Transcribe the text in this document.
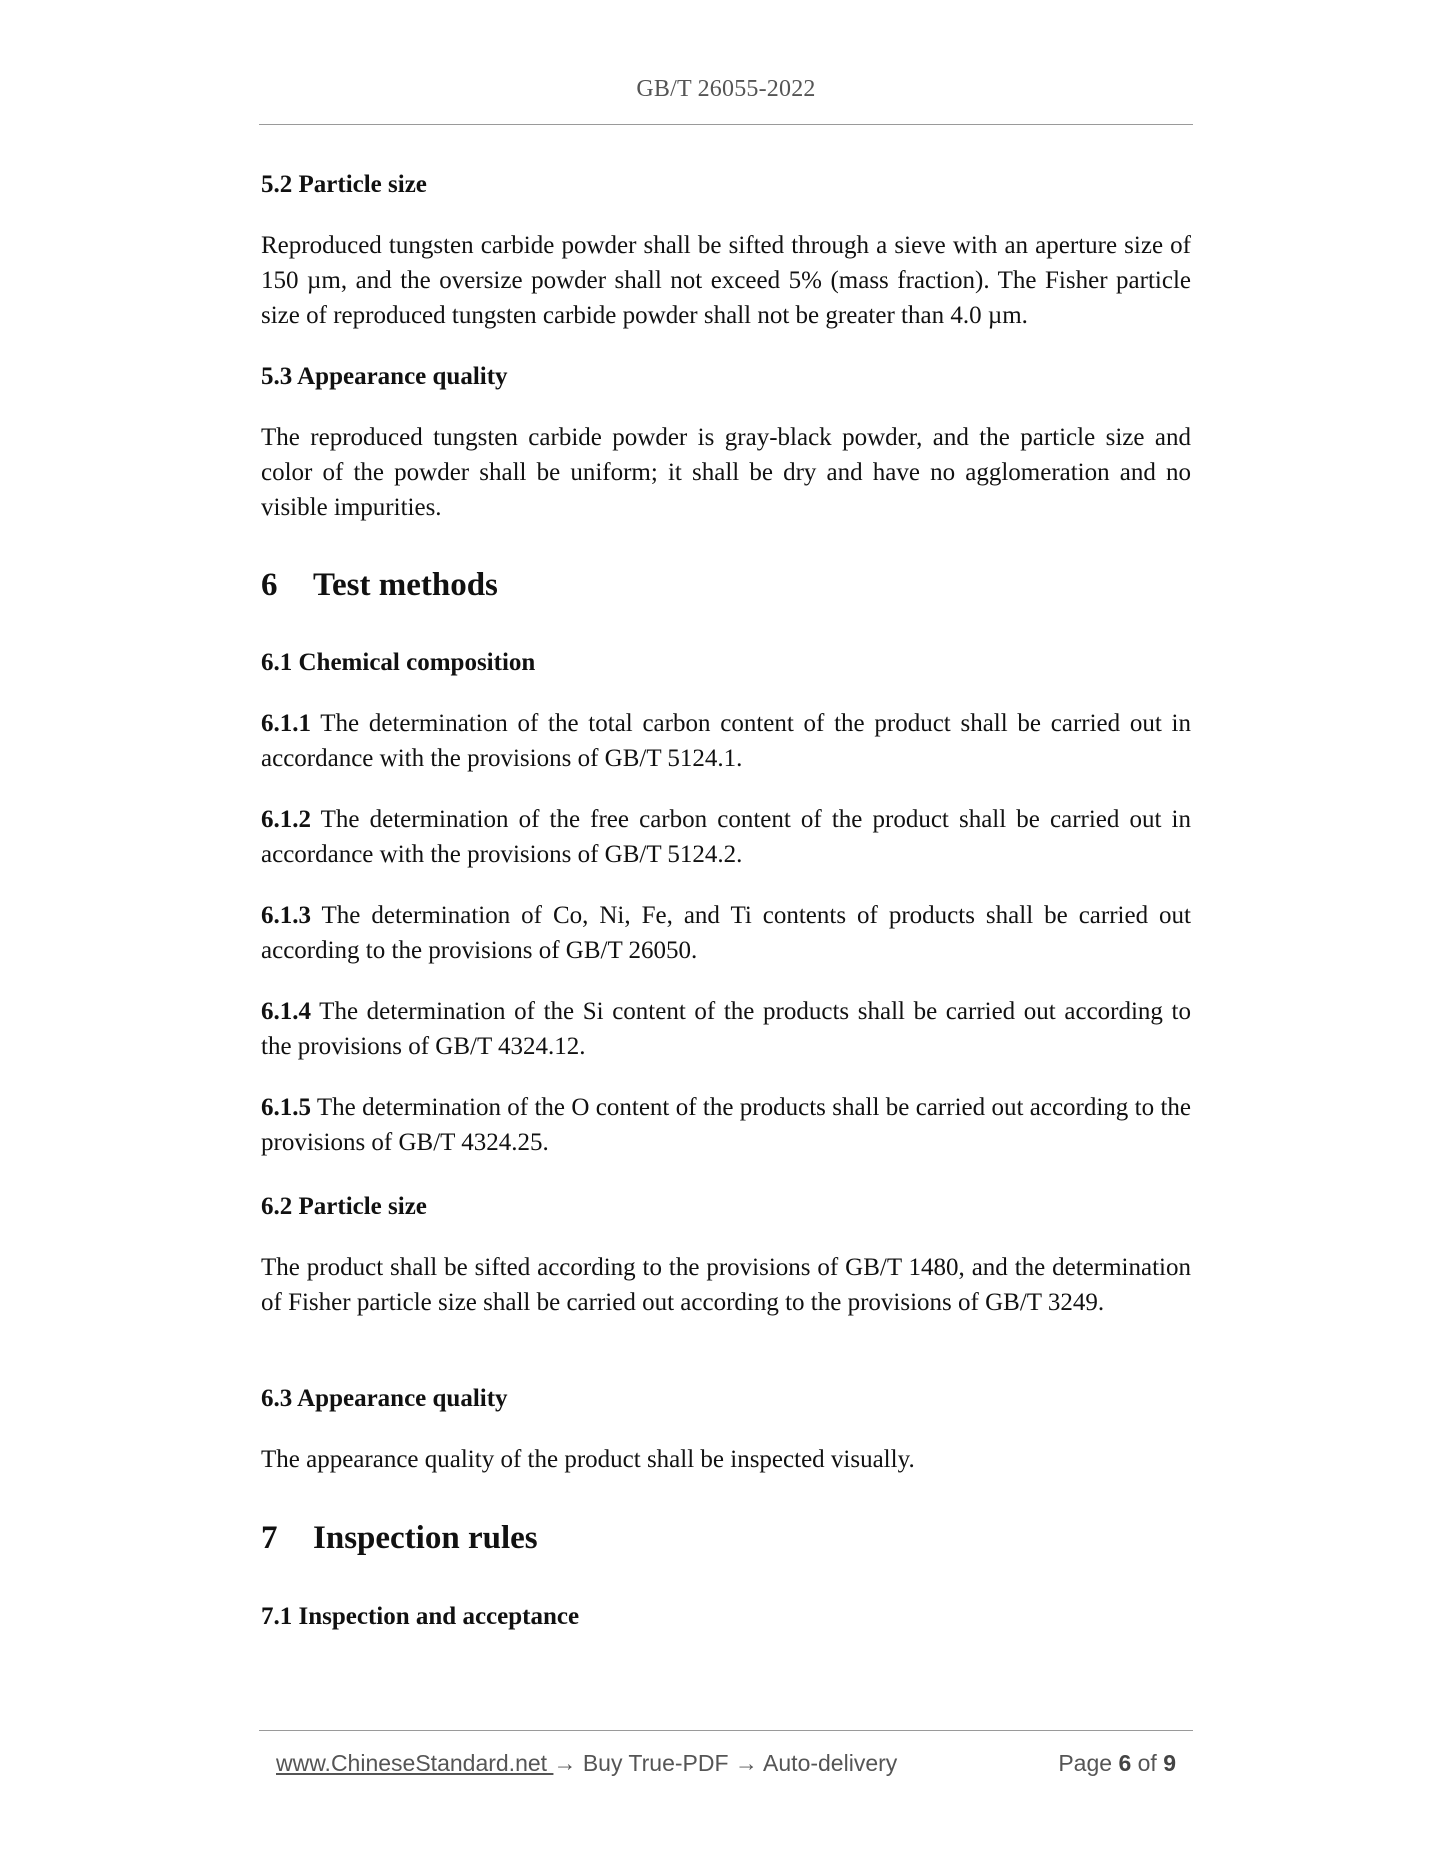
GB/T 26055-2022
5.2 Particle size
Reproduced tungsten carbide powder shall be sifted through a sieve with an aperture size of 150 µm, and the oversize powder shall not exceed 5% (mass fraction). The Fisher particle size of reproduced tungsten carbide powder shall not be greater than 4.0 µm.
5.3 Appearance quality
The reproduced tungsten carbide powder is gray-black powder, and the particle size and color of the powder shall be uniform; it shall be dry and have no agglomeration and no visible impurities.
6 Test methods
6.1 Chemical composition
6.1.1 The determination of the total carbon content of the product shall be carried out in accordance with the provisions of GB/T 5124.1.
6.1.2 The determination of the free carbon content of the product shall be carried out in accordance with the provisions of GB/T 5124.2.
6.1.3 The determination of Co, Ni, Fe, and Ti contents of products shall be carried out according to the provisions of GB/T 26050.
6.1.4 The determination of the Si content of the products shall be carried out according to the provisions of GB/T 4324.12.
6.1.5 The determination of the O content of the products shall be carried out according to the provisions of GB/T 4324.25.
6.2 Particle size
The product shall be sifted according to the provisions of GB/T 1480, and the determination of Fisher particle size shall be carried out according to the provisions of GB/T 3249.
6.3 Appearance quality
The appearance quality of the product shall be inspected visually.
7 Inspection rules
7.1 Inspection and acceptance
www.ChineseStandard.net → Buy True-PDF → Auto-delivery	Page 6 of 9
